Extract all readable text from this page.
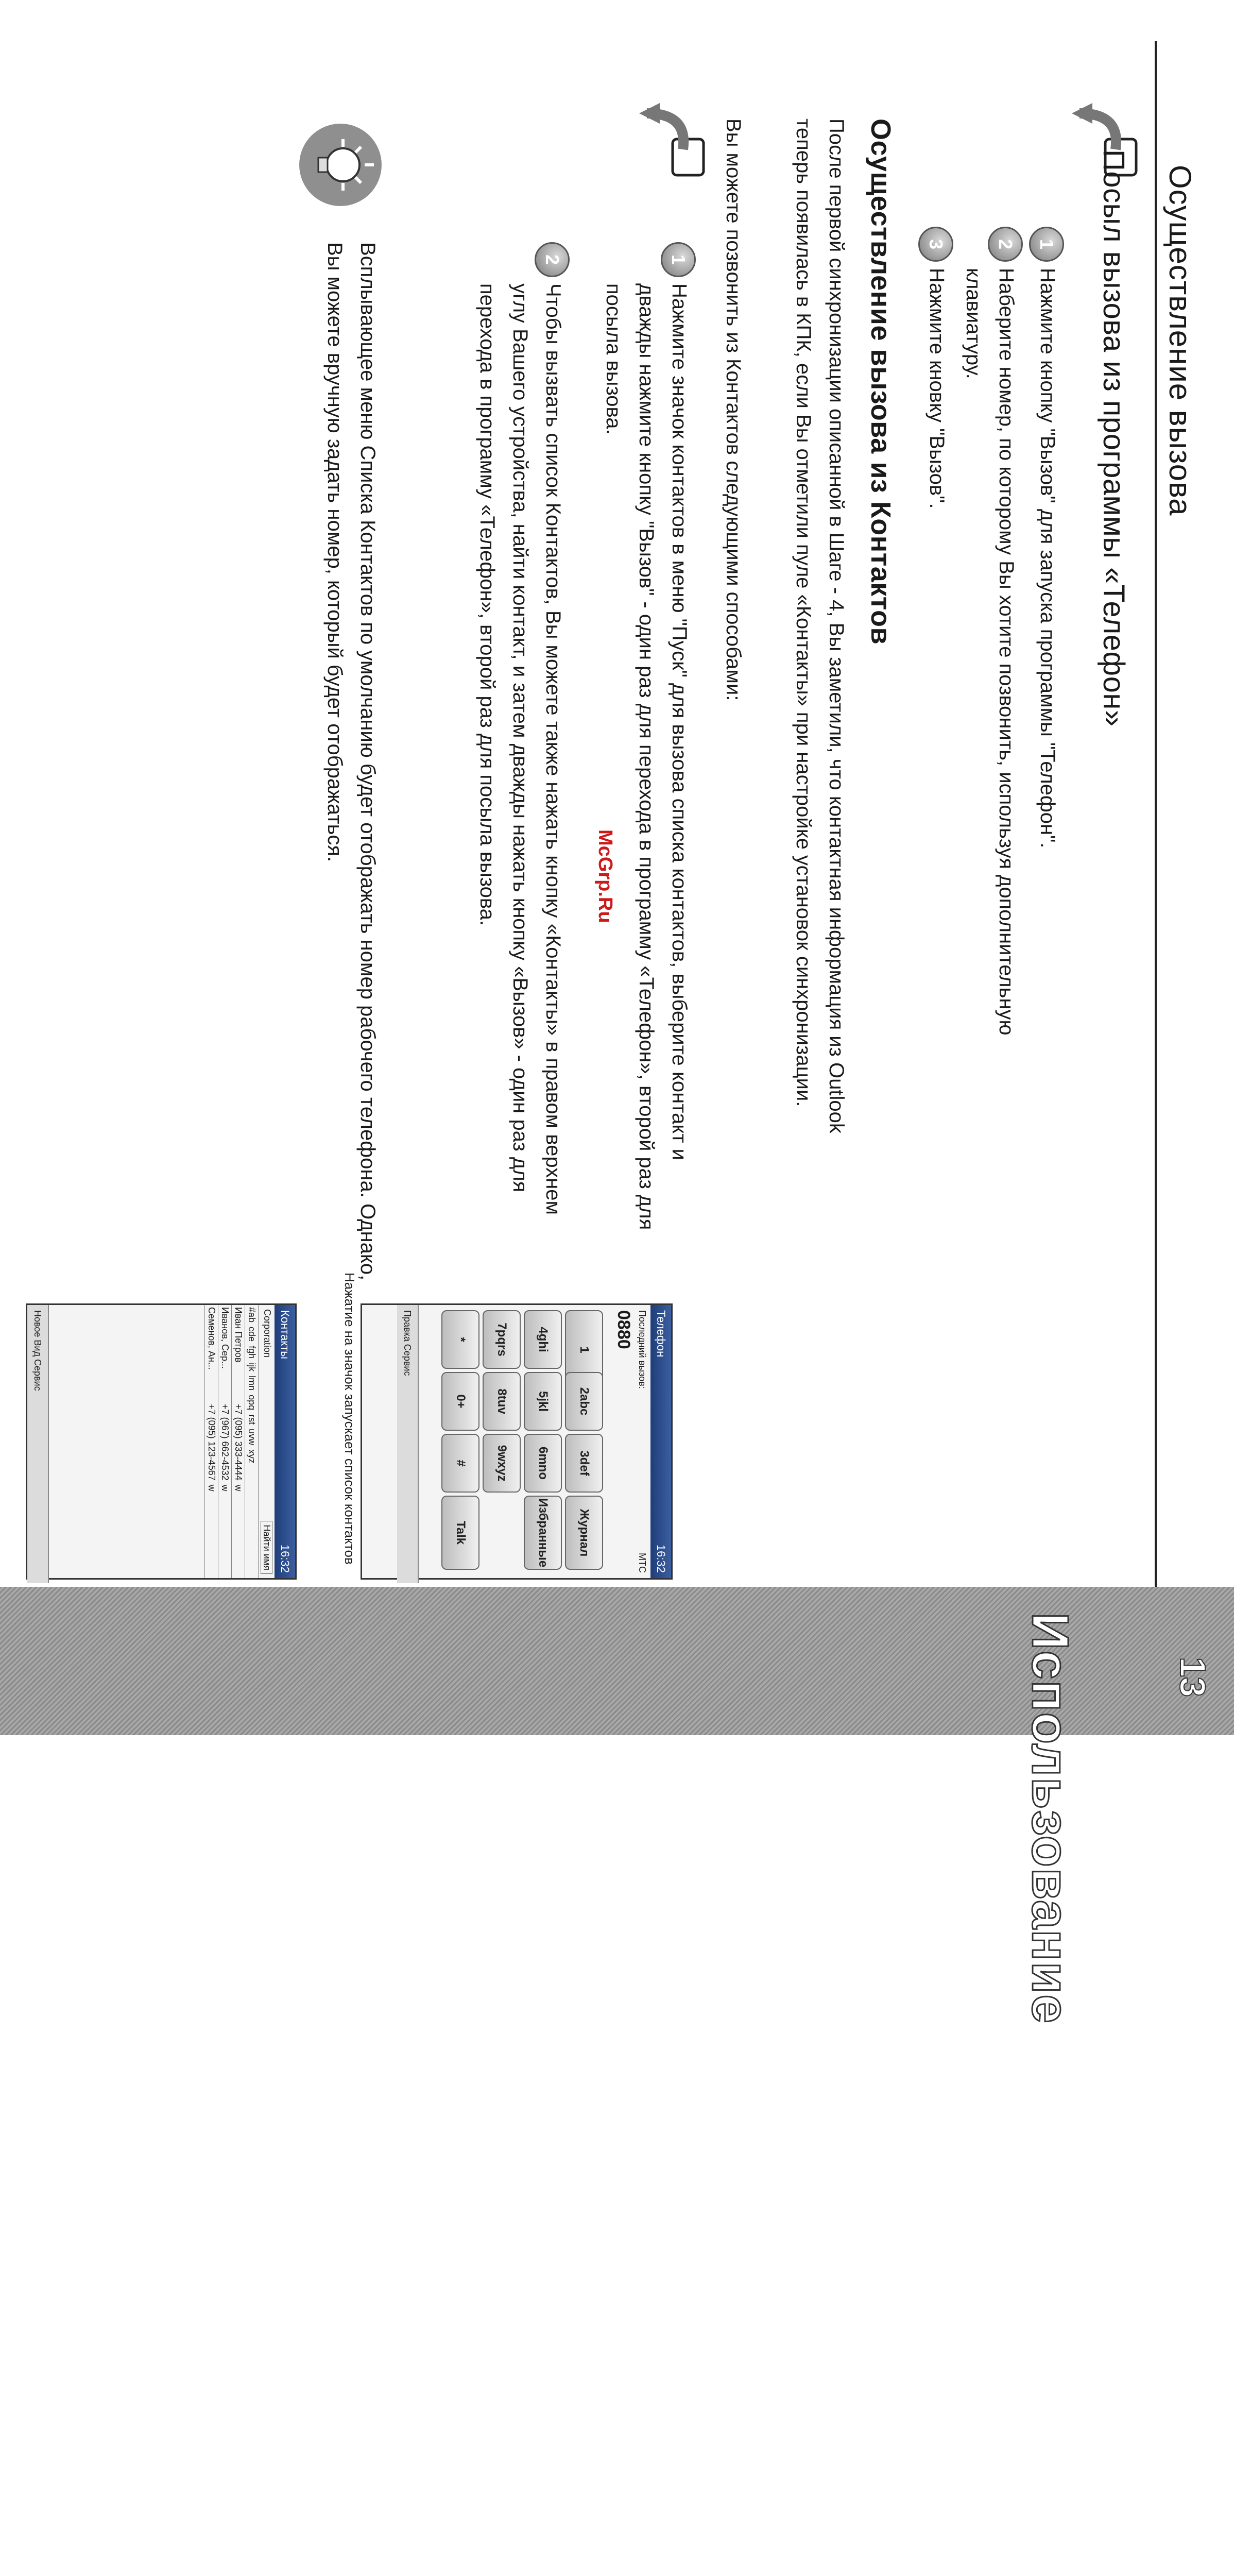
Осуществление вызова
Посыл вызова из программы «Телефон»
1
Нажмите кнопку "Вызов" для запуска программы "Телефон".
2
Наберите номер, по которому Вы хотите позвонить, используя дополнительную клавиатуру.
3
Нажмите кновку "Вызов".
Осуществление вызова из Контактов
После первой синхронизации описанной в Шаге - 4, Вы заметили, что контактная информация из Outlook теперь появилась в КПК, если Вы отметили пуле «Контакты» при настройке установок синхронизации.
Вы можете позвонить из Контактов следующими способами:
1
Нажмите значок контактов в меню "Пуск" для вызова списка контактов, выберите контакт и дважды нажмите кнопку "Вызов" - один раз для перехода в программу «Телефон», второй раз для посыла вызова.
2
Чтобы вызвать список Контактов, Вы можете также нажать кнопку «Контакты» в правом верхнем углу Вашего устройства, найти контакт, и затем дважды нажать кнопку «Вызов» - один раз для перехода в программу «Телефон», второй раз для посыла вызова.
Всплывающее меню Списка Контактов по умолчанию будет отображать номер рабочего телефона. Однако, Вы можете вручную задать номер, который будет отображаться.
McGrp.Ru
Телефон
16:32
Последний вызов:
МТС
0880
1
2abc
3def
Журнал
4ghi
5jkl
6mno
Избранные
7pqrs
8tuv
9wxyz
*
0+
#
Talk
Правка Сервис
Нажатие на значок запускает список контактов
Контакты
16:32
Corporation
Найти имя
#ab
cde
fgh
ijk
lmn
opq
rst
uvw
xyz
Иван Петров
+7 (095) 333-4444
w
Иванов, Сер...
+7 (967) 662-4532
w
Семенов, Ан...
+7 (095) 123-4567
w
Новое Вид Сервис
13
Использование
